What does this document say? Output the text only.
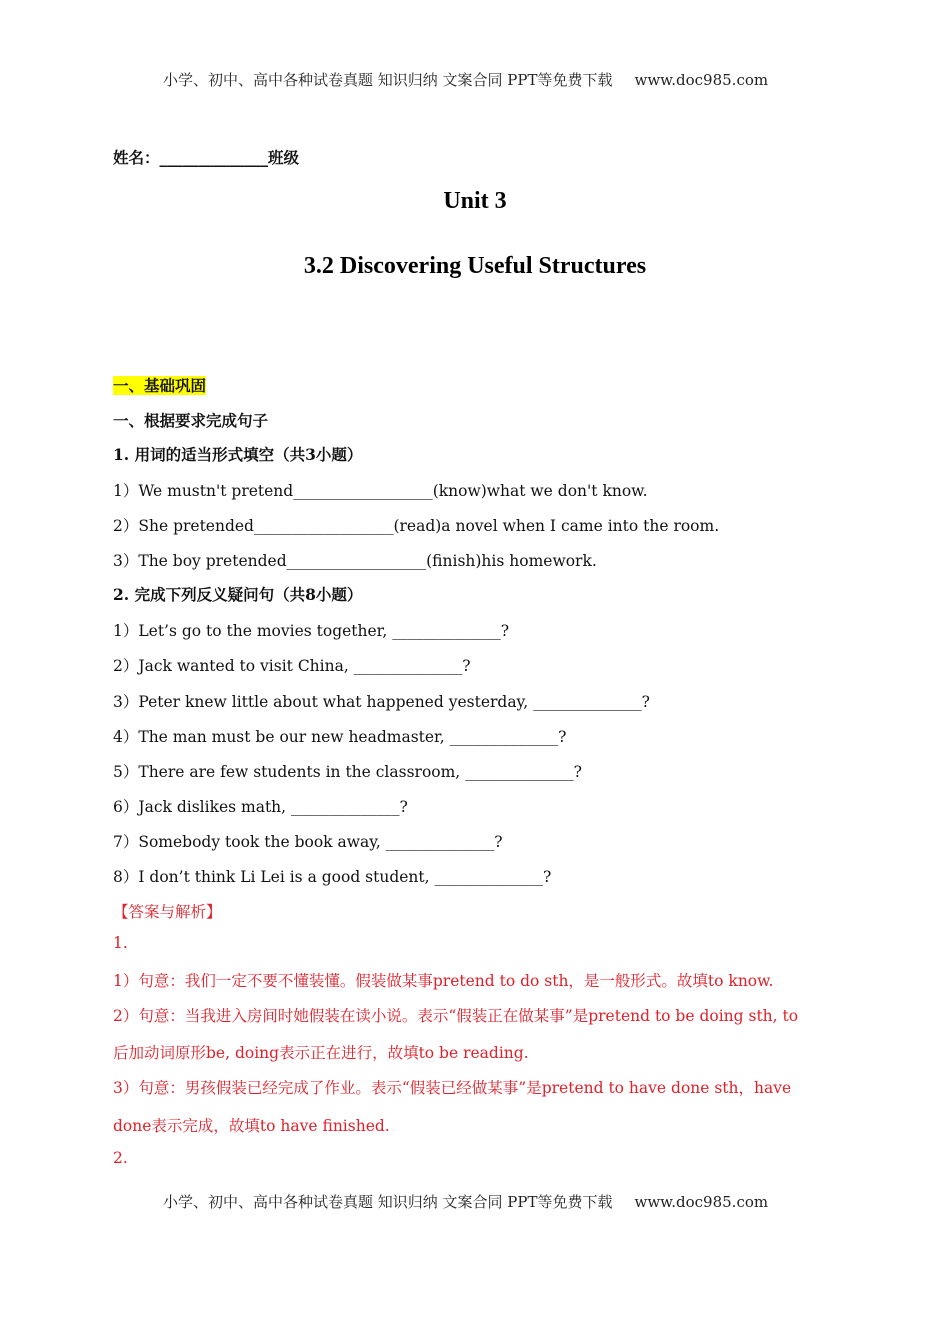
小学、初中、高中各种试卷真题 知识归纳 文案合同 PPT等免费下载 www.doc985.com
姓名：______________班级
Unit 3
3.2 Discovering Useful Structures
一、基础巩固
一、根据要求完成句子
1. 用词的适当形式填空（共3小题）
1）We mustn't pretend__________________(know)what we don't know.
2）She pretended__________________(read)a novel when I came into the room.
3）The boy pretended__________________(finish)his homework.
2. 完成下列反义疑问句（共8小题）
1）Let’s go to the movies together, ______________?
2）Jack wanted to visit China, ______________?
3）Peter knew little about what happened yesterday, ______________?
4）The man must be our new headmaster, ______________?
5）There are few students in the classroom, ______________?
6）Jack dislikes math, ______________?
7）Somebody took the book away, ______________?
8）I don’t think Li Lei is a good student, ______________?
【答案与解析】
1.
1）句意：我们一定不要不懂装懂。假装做某事pretend to do sth，是一般形式。故填to know.
2）句意：当我进入房间时她假装在读小说。表示“假装正在做某事”是pretend to be doing sth, to
后加动词原形be, doing表示正在进行，故填to be reading.
3）句意：男孩假装已经完成了作业。表示“假装已经做某事”是pretend to have done sth，have
done表示完成，故填to have finished.
2.
小学、初中、高中各种试卷真题 知识归纳 文案合同 PPT等免费下载 www.doc985.com
